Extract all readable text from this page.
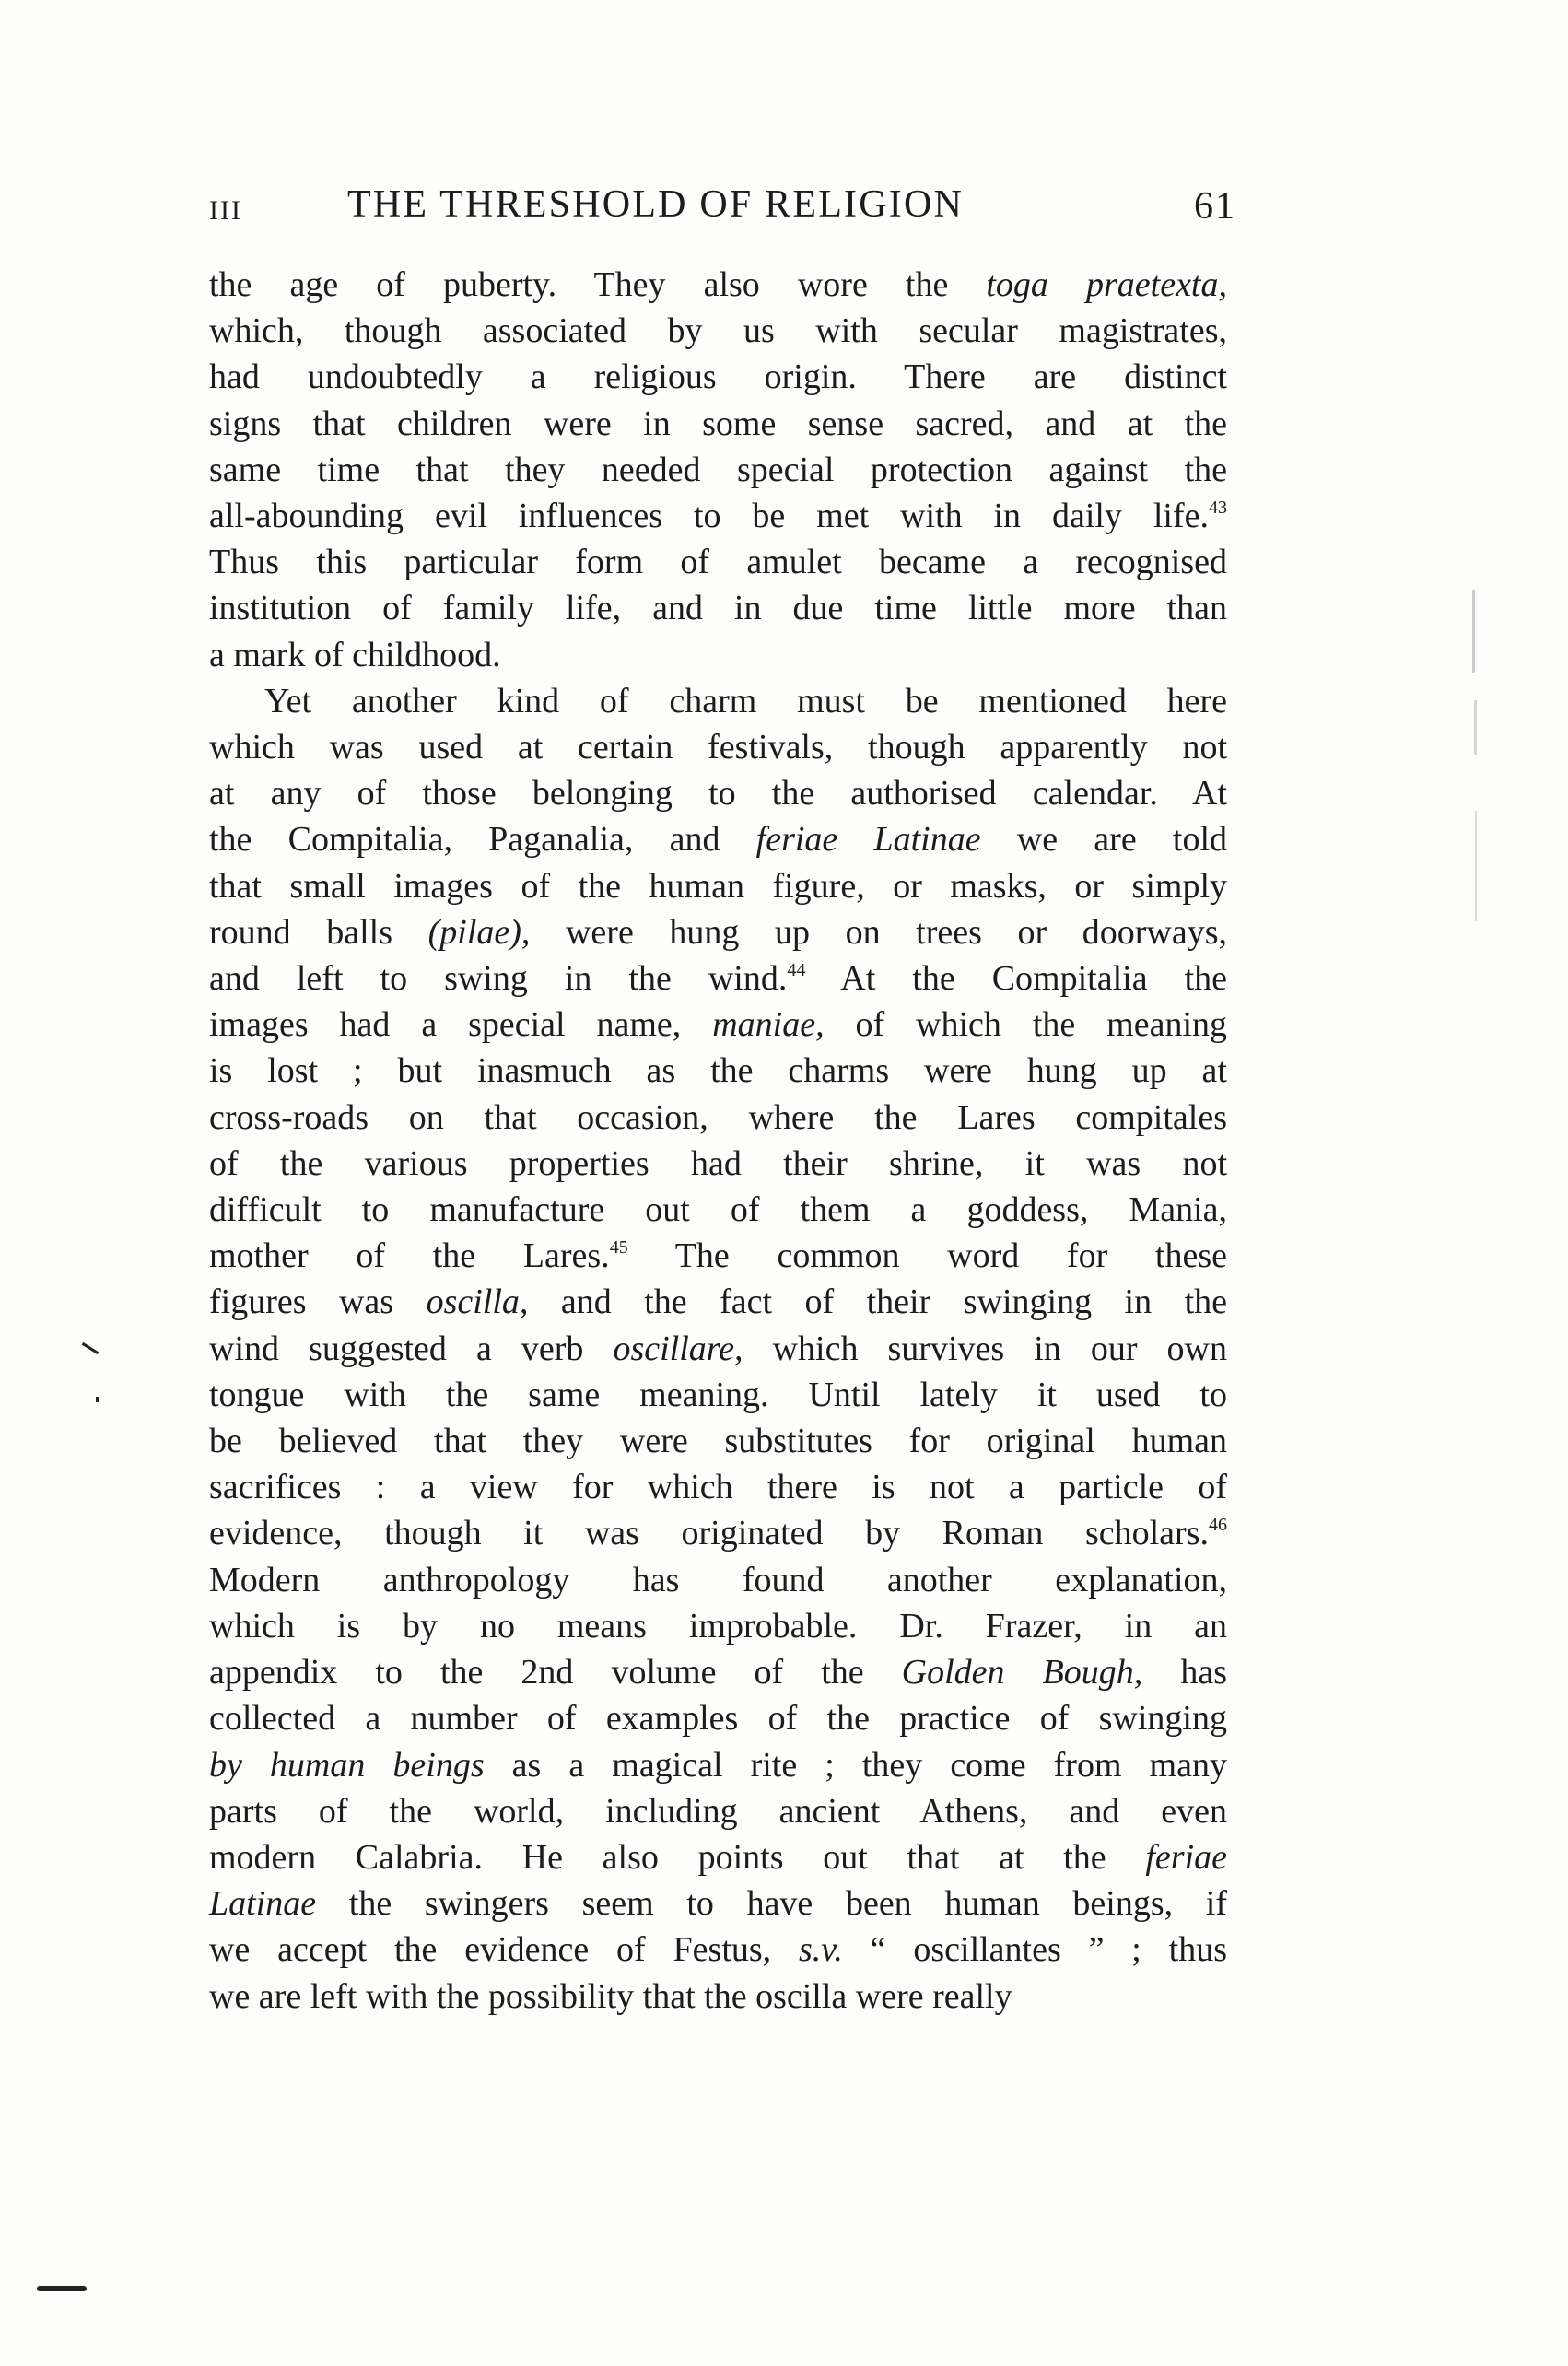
III	THE THRESHOLD OF RELIGION	61
the age of puberty. They also wore the toga praetexta,
which, though associated by us with secular magistrates,
had undoubtedly a religious origin. There are distinct
signs that children were in some sense sacred, and at the
same time that they needed special protection against the
all-abounding evil influences to be met with in daily life.$^{43}$
Thus this particular form of amulet became a recognised
institution of family life, and in due time little more than
a mark of childhood.
Yet another kind of charm must be mentioned here
which was used at certain festivals, though apparently not
at any of those belonging to the authorised calendar. At
the Compitalia, Paganalia, and feriae Latinae we are told
that small images of the human figure, or masks, or simply
round balls (pilae), were hung up on trees or doorways,
and left to swing in the wind.$^{44}$ At the Compitalia the
images had a special name, maniae, of which the meaning
is lost ; but inasmuch as the charms were hung up at
cross-roads on that occasion, where the Lares compitales
of the various properties had their shrine, it was not
difficult to manufacture out of them a goddess, Mania,
mother of the Lares.$^{45}$ The common word for these
figures was oscilla, and the fact of their swinging in the
wind suggested a verb oscillare, which survives in our own
tongue with the same meaning. Until lately it used to
be believed that they were substitutes for original human
sacrifices : a view for which there is not a particle of
evidence, though it was originated by Roman scholars.$^{46}$
Modern anthropology has found another explanation,
which is by no means improbable. Dr. Frazer, in an
appendix to the 2nd volume of the Golden Bough, has
collected a number of examples of the practice of swinging
by human beings as a magical rite ; they come from many
parts of the world, including ancient Athens, and even
modern Calabria. He also points out that at the feriae
Latinae the swingers seem to have been human beings, if
we accept the evidence of Festus, s.v. “ oscillantes ” ; thus
we are left with the possibility that the oscilla were really
